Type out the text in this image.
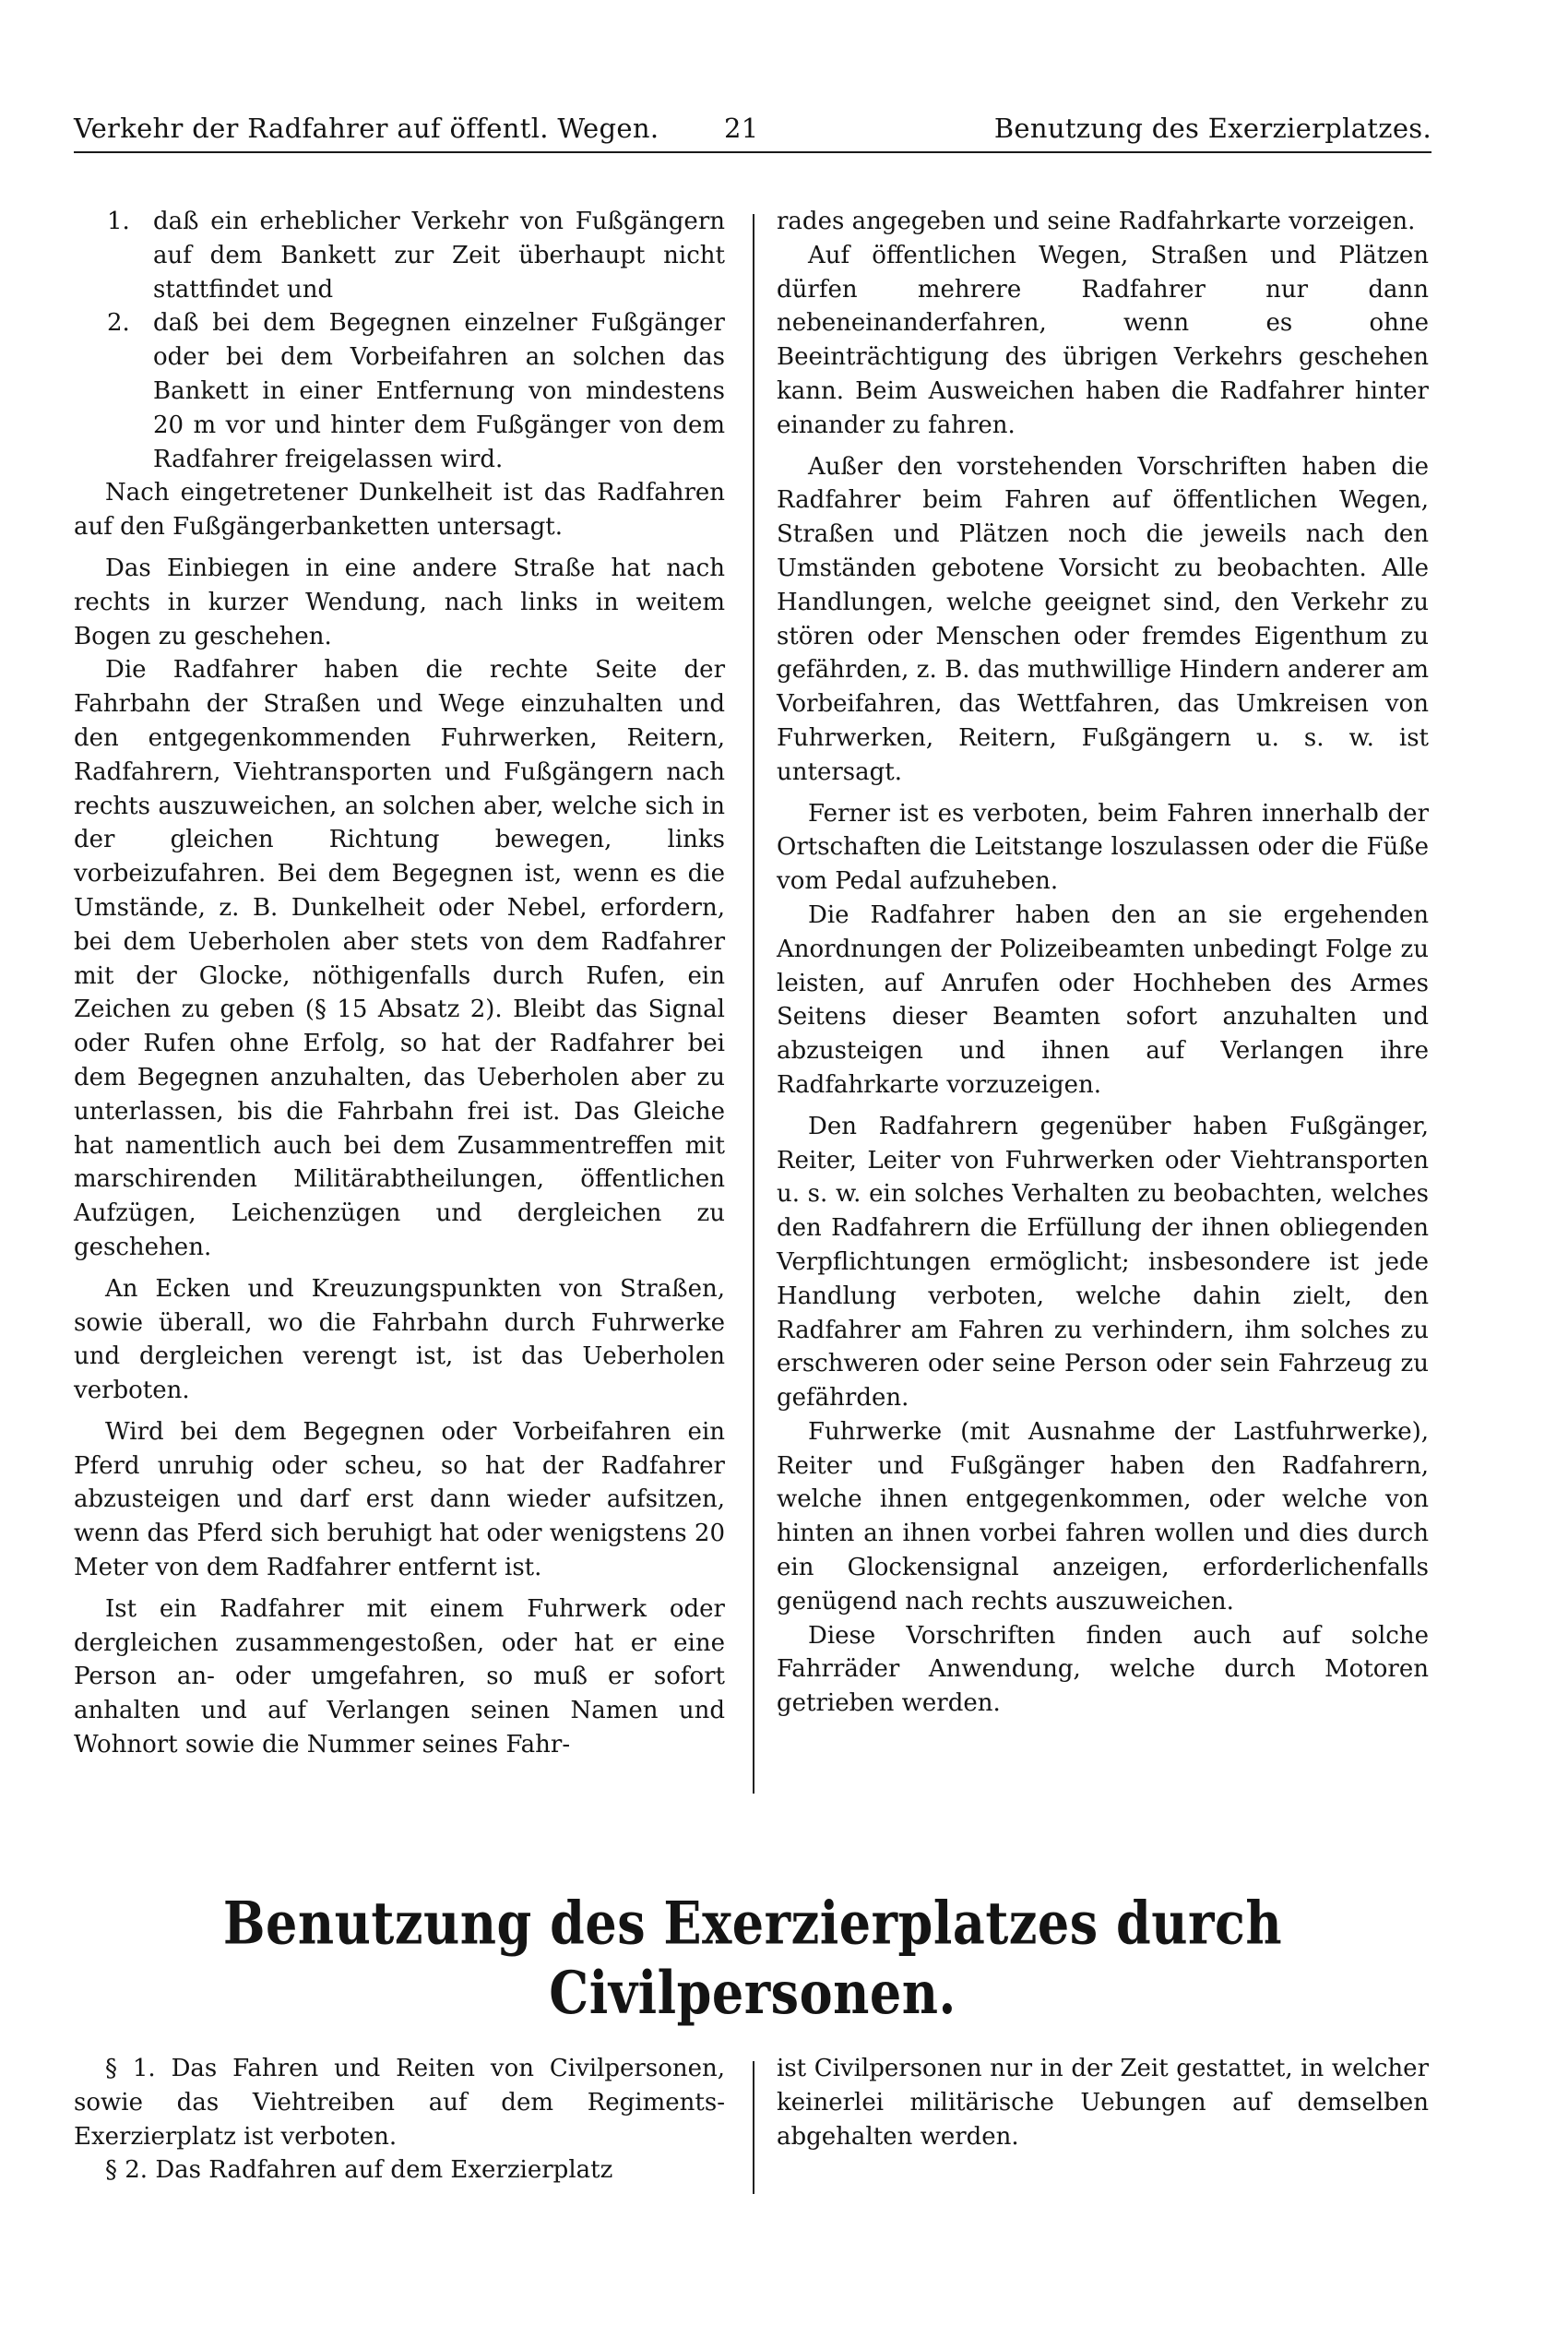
Verkehr der Radfahrer auf öffentl. Wegen. 21	Benutzung des Exerzierplatzes.
1. daß ein erheblicher Verkehr von Fußgängern auf dem Bankett zur Zeit überhaupt nicht stattfindet und
2. daß bei dem Begegnen einzelner Fußgänger oder bei dem Vorbeifahren an solchen das Bankett in einer Entfernung von mindestens 20 m vor und hinter dem Fußgänger von dem Radfahrer freigelassen wird.

Nach eingetretener Dunkelheit ist das Radfahren auf den Fußgängerbanketten untersagt.

Das Einbiegen in eine andere Straße hat nach rechts in kurzer Wendung, nach links in weitem Bogen zu geschehen.

Die Radfahrer haben die rechte Seite der Fahrbahn der Straßen und Wege einzuhalten und den entgegenkommenden Fuhrwerken, Reitern, Radfahrern, Viehtransporten und Fußgängern nach rechts auszuweichen, an solchen aber, welche sich in der gleichen Richtung bewegen, links vorbeizufahren. Bei dem Begegnen ist, wenn es die Umstände, z. B. Dunkelheit oder Nebel, erfordern, bei dem Ueberholen aber stets von dem Radfahrer mit der Glocke, nöthigenfalls durch Rufen, ein Zeichen zu geben (§ 15 Absatz 2). Bleibt das Signal oder Rufen ohne Erfolg, so hat der Radfahrer bei dem Begegnen anzuhalten, das Ueberholen aber zu unterlassen, bis die Fahrbahn frei ist. Das Gleiche hat namentlich auch bei dem Zusammentreffen mit marschirenden Militärabtheilungen, öffentlichen Aufzügen, Leichenzügen und dergleichen zu geschehen.

An Ecken und Kreuzungspunkten von Straßen, sowie überall, wo die Fahrbahn durch Fuhrwerke und dergleichen verengt ist, ist das Ueberholen verboten.

Wird bei dem Begegnen oder Vorbeifahren ein Pferd unruhig oder scheu, so hat der Radfahrer abzusteigen und darf erst dann wieder aufsitzen, wenn das Pferd sich beruhigt hat oder wenigstens 20 Meter von dem Radfahrer entfernt ist.

Ist ein Radfahrer mit einem Fuhrwerk oder dergleichen zusammengestoßen, oder hat er eine Person an- oder umgefahren, so muß er sofort anhalten und auf Verlangen seinen Namen und Wohnort sowie die Nummer seines Fahr-

rades angegeben und seine Radfahrkarte vorzeigen.

Auf öffentlichen Wegen, Straßen und Plätzen dürfen mehrere Radfahrer nur dann nebeneinanderfahren, wenn es ohne Beeinträchtigung des übrigen Verkehrs geschehen kann. Beim Ausweichen haben die Radfahrer hinter einander zu fahren.

Außer den vorstehenden Vorschriften haben die Radfahrer beim Fahren auf öffentlichen Wegen, Straßen und Plätzen noch die jeweils nach den Umständen gebotene Vorsicht zu beobachten. Alle Handlungen, welche geeignet sind, den Verkehr zu stören oder Menschen oder fremdes Eigenthum zu gefährden, z. B. das muthwillige Hindern anderer am Vorbeifahren, das Wettfahren, das Umkreisen von Fuhrwerken, Reitern, Fußgängern u. s. w. ist untersagt.

Ferner ist es verboten, beim Fahren innerhalb der Ortschaften die Leitstange loszulassen oder die Füße vom Pedal aufzuheben.

Die Radfahrer haben den an sie ergehenden Anordnungen der Polizeibeamten unbedingt Folge zu leisten, auf Anrufen oder Hochheben des Armes Seitens dieser Beamten sofort anzuhalten und abzusteigen und ihnen auf Verlangen ihre Radfahrkarte vorzuzeigen.

Den Radfahrern gegenüber haben Fußgänger, Reiter, Leiter von Fuhrwerken oder Viehtransporten u. s. w. ein solches Verhalten zu beobachten, welches den Radfahrern die Erfüllung der ihnen obliegenden Verpflichtungen ermöglicht; insbesondere ist jede Handlung verboten, welche dahin zielt, den Radfahrer am Fahren zu verhindern, ihm solches zu erschweren oder seine Person oder sein Fahrzeug zu gefährden.

Fuhrwerke (mit Ausnahme der Lastfuhrwerke), Reiter und Fußgänger haben den Radfahrern, welche ihnen entgegenkommen, oder welche von hinten an ihnen vorbei fahren wollen und dies durch ein Glockensignal anzeigen, erforderlichenfalls genügend nach rechts auszuweichen.

Diese Vorschriften finden auch auf solche Fahrräder Anwendung, welche durch Motoren getrieben werden.

Benutzung des Exerzierplatzes durch Civilpersonen.

§ 1. Das Fahren und Reiten von Civilpersonen, sowie das Viehtreiben auf dem Regiments-Exerzierplatz ist verboten.

§ 2. Das Radfahren auf dem Exerzierplatz

ist Civilpersonen nur in der Zeit gestattet, in welcher keinerlei militärische Uebungen auf demselben abgehalten werden.
